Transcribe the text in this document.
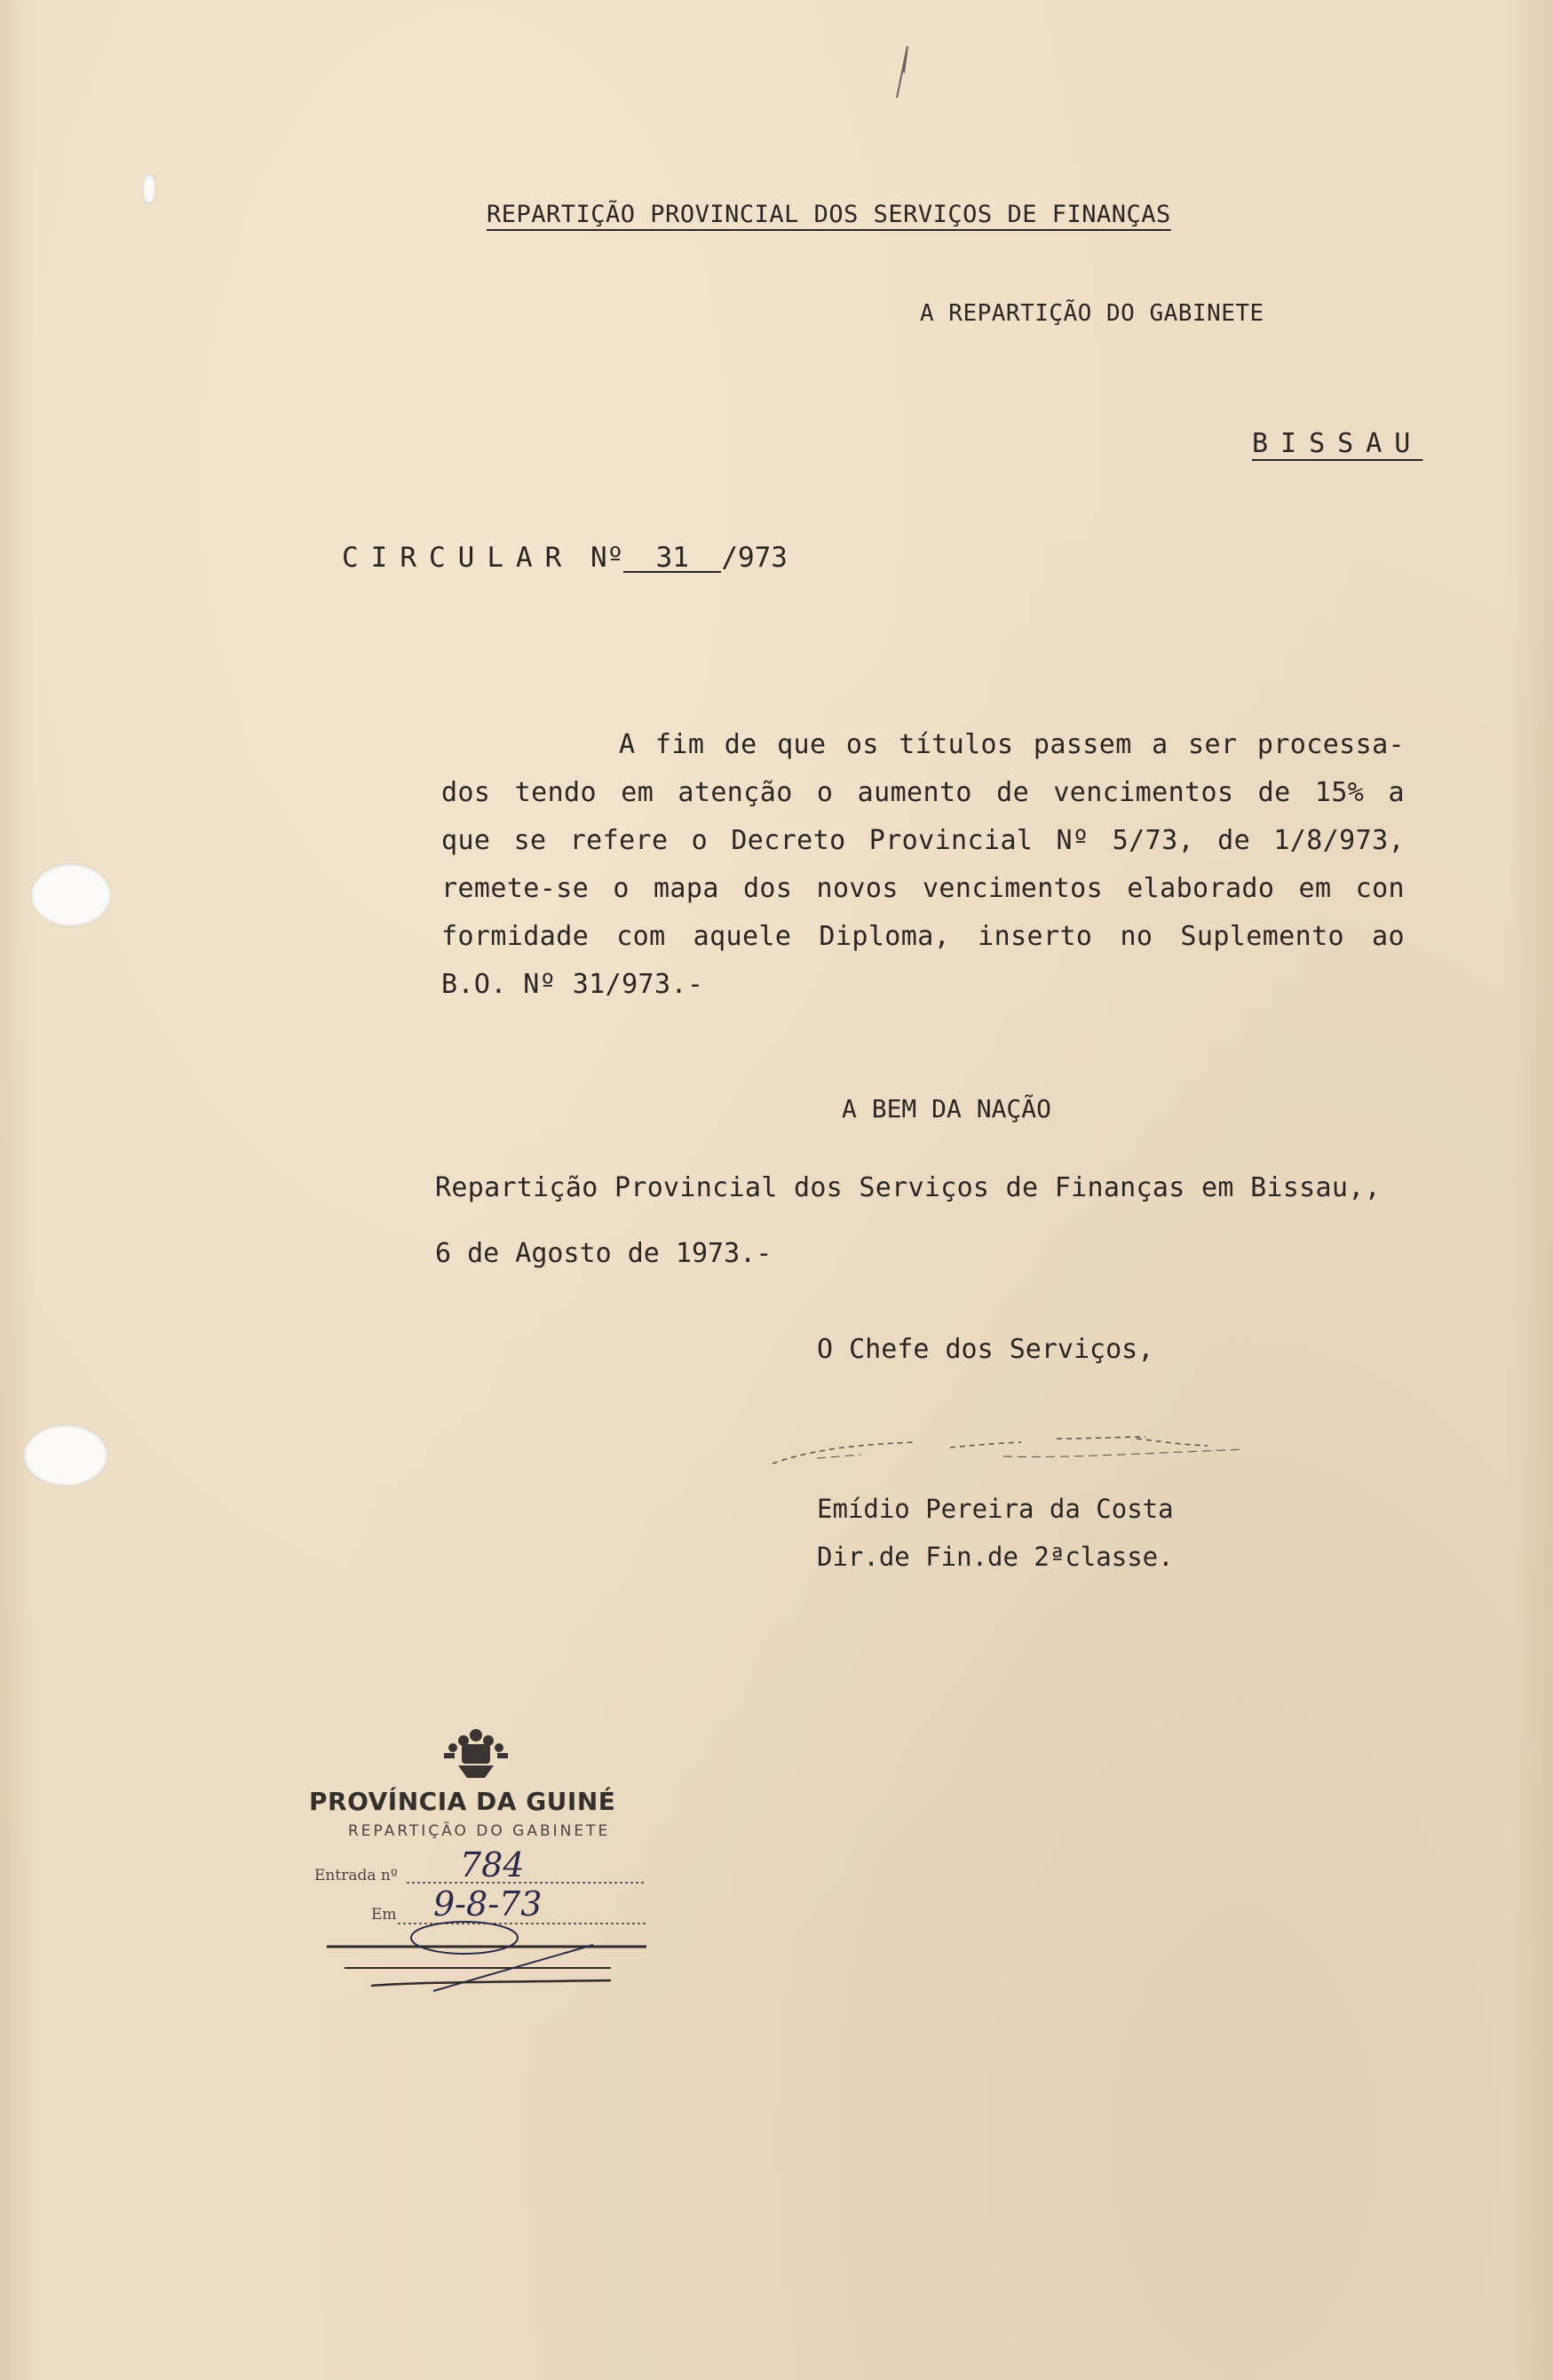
REPARTIÇÃO PROVINCIAL DOS SERVIÇOS DE FINANÇAS
A REPARTIÇÃO DO GABINETE
BISSAU
CIRCULAR Nº 31 /973

A fim de que os títulos passem a ser processa-

dos tendo em atenção o aumento de vencimentos de 15% a

que se refere o Decreto Provincial Nº 5/73, de 1/8/973,

remete-se o mapa dos novos vencimentos elaborado em con

formidade com aquele Diploma, inserto no Suplemento ao

B.O. Nº 31/973.-

A BEM DA NAÇÃO
Repartição Provincial dos Serviços de Finanças em Bissau,,
6 de Agosto de 1973.-
O Chefe dos Serviços,
Emídio Pereira da Costa
Dir.de Fin.de 2ªclasse.
PROVÍNCIA DA GUINÉ
REPARTIÇÃO DO GABINETE
Entrada nº 784
Em 9-8-73
